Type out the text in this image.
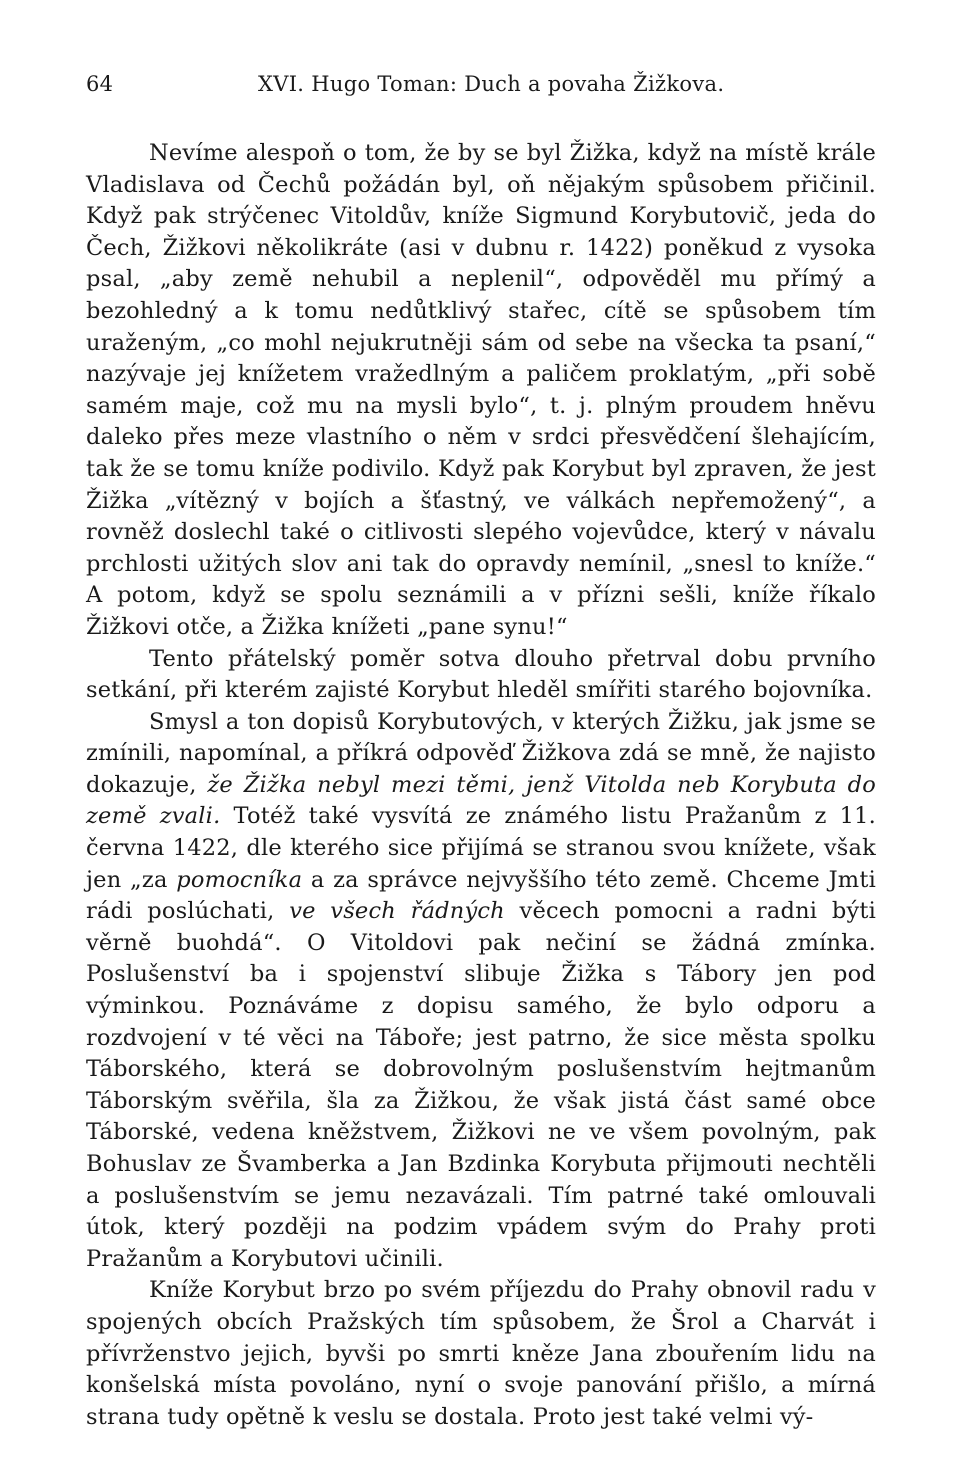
64	XVI. Hugo Toman: Duch a povaha Žižkova.

Nevíme alespoň o tom, že by se byl Žižka, když na místě krále Vladislava od Čechů požádán byl, oň nějakým spůsobem přičinil. Když pak strýčenec Vitoldův, kníže Sigmund Korybutovič, jeda do Čech, Žižkovi několikráte (asi v dubnu r. 1422) poněkud z vysoka psal, „aby země nehubil a neplenil“, odpověděl mu přímý a bezohledný a k tomu nedůtklivý stařec, cítě se spůsobem tím uraženým, „co mohl nejukrutněji sám od sebe na všecka ta psaní,“ nazývaje jej knížetem vražedlným a paličem proklatým, „při sobě samém maje, což mu na mysli bylo“, t. j. plným proudem hněvu daleko přes meze vlastního o něm v srdci přesvědčení šlehajícím, tak že se tomu kníže podivilo. Když pak Korybut byl zpraven, že jest Žižka „vítězný v bojích a šťastný, ve válkách nepřemožený“, a rovněž doslechl také o citlivosti slepého vojevůdce, který v návalu prchlosti užitých slov ani tak do opravdy nemínil, „snesl to kníže.“ A potom, když se spolu seznámili a v přízni sešli, kníže říkalo Žižkovi otče, a Žižka knížeti „pane synu!“

Tento přátelský poměr sotva dlouho přetrval dobu prvního setkání, při kterém zajisté Korybut hleděl smířiti starého bojovníka.

Smysl a ton dopisů Korybutových, v kterých Žižku, jak jsme se zmínili, napomínal, a příkrá odpověď Žižkova zdá se mně, že najisto dokazuje, že Žižka nebyl mezi těmi, jenž Vitolda neb Korybuta do země zvali. Totéž také vysvítá ze známého listu Pražanům z 11. června 1422, dle kterého sice přijímá se stranou svou knížete, však jen „za pomocníka a za správce nejvyššího této země. Chceme Jmti rádi poslúchati, ve všech řádných věcech pomocni a radni býti věrně buohdá“. O Vitoldovi pak nečiní se žádná zmínka. Poslušenství ba i spojenství slibuje Žižka s Tábory jen pod výminkou. Poznáváme z dopisu samého, že bylo odporu a rozdvojení v té věci na Táboře; jest patrno, že sice města spolku Táborského, která se dobrovolným poslušenstvím hejtmanům Táborským svěřila, šla za Žižkou, že však jistá část samé obce Táborské, vedena kněžstvem, Žižkovi ne ve všem povolným, pak Bohuslav ze Švamberka a Jan Bzdinka Korybuta přijmouti nechtěli a poslušenstvím se jemu nezavázali. Tím patrné také omlouvali útok, který později na podzim vpádem svým do Prahy proti Pražanům a Korybutovi učinili.

Kníže Korybut brzo po svém příjezdu do Prahy obnovil radu v spojených obcích Pražských tím spůsobem, že Šrol a Charvát i přívrženstvo jejich, byvši po smrti kněze Jana zbouřením lidu na konšelská místa povoláno, nyní o svoje panování přišlo, a mírná strana tudy opětně k veslu se dostala. Proto jest také velmi vý-
